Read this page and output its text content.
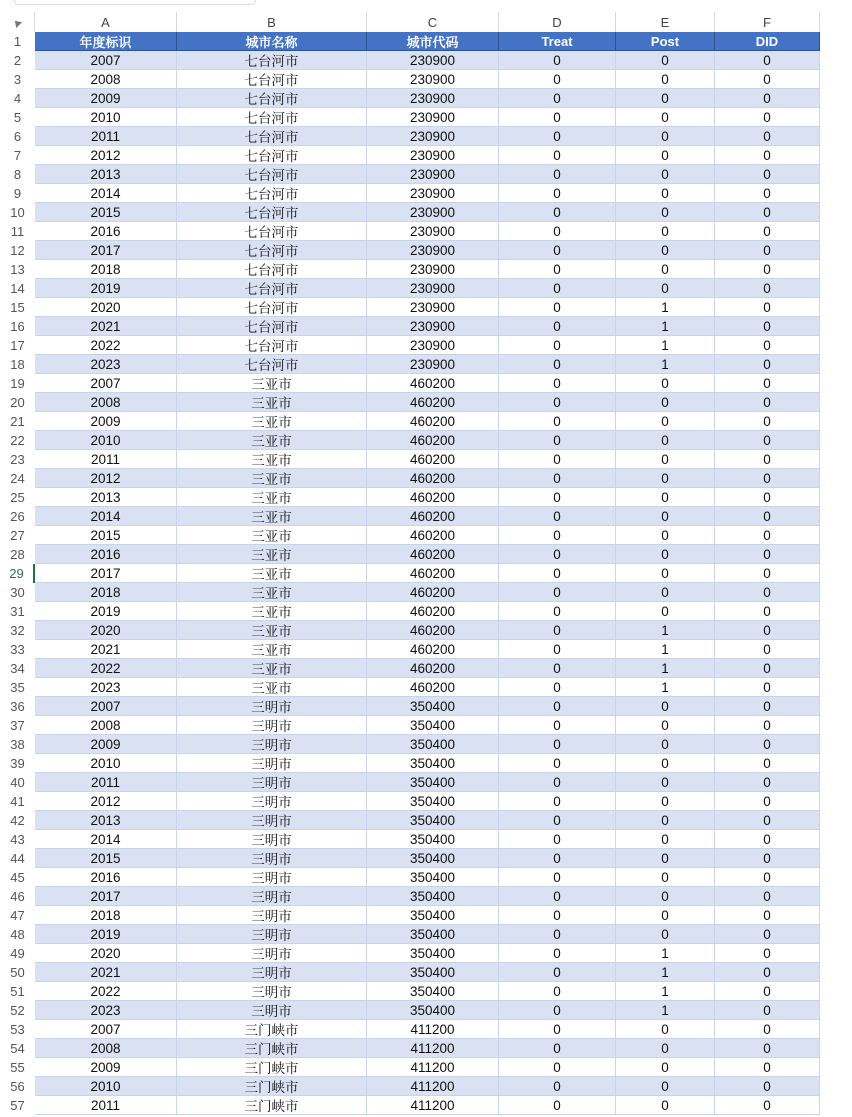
A	B	C	D	E	F
1	年度标识	城市名称	城市代码	Treat	Post	DID
2	2007	七台河市	230900	0	0	0
3	2008	七台河市	230900	0	0	0
4	2009	七台河市	230900	0	0	0
5	2010	七台河市	230900	0	0	0
6	2011	七台河市	230900	0	0	0
7	2012	七台河市	230900	0	0	0
8	2013	七台河市	230900	0	0	0
9	2014	七台河市	230900	0	0	0
10	2015	七台河市	230900	0	0	0
11	2016	七台河市	230900	0	0	0
12	2017	七台河市	230900	0	0	0
13	2018	七台河市	230900	0	0	0
14	2019	七台河市	230900	0	0	0
15	2020	七台河市	230900	0	1	0
16	2021	七台河市	230900	0	1	0
17	2022	七台河市	230900	0	1	0
18	2023	七台河市	230900	0	1	0
19	2007	三亚市	460200	0	0	0
20	2008	三亚市	460200	0	0	0
21	2009	三亚市	460200	0	0	0
22	2010	三亚市	460200	0	0	0
23	2011	三亚市	460200	0	0	0
24	2012	三亚市	460200	0	0	0
25	2013	三亚市	460200	0	0	0
26	2014	三亚市	460200	0	0	0
27	2015	三亚市	460200	0	0	0
28	2016	三亚市	460200	0	0	0
29	2017	三亚市	460200	0	0	0
30	2018	三亚市	460200	0	0	0
31	2019	三亚市	460200	0	0	0
32	2020	三亚市	460200	0	1	0
33	2021	三亚市	460200	0	1	0
34	2022	三亚市	460200	0	1	0
35	2023	三亚市	460200	0	1	0
36	2007	三明市	350400	0	0	0
37	2008	三明市	350400	0	0	0
38	2009	三明市	350400	0	0	0
39	2010	三明市	350400	0	0	0
40	2011	三明市	350400	0	0	0
41	2012	三明市	350400	0	0	0
42	2013	三明市	350400	0	0	0
43	2014	三明市	350400	0	0	0
44	2015	三明市	350400	0	0	0
45	2016	三明市	350400	0	0	0
46	2017	三明市	350400	0	0	0
47	2018	三明市	350400	0	0	0
48	2019	三明市	350400	0	0	0
49	2020	三明市	350400	0	1	0
50	2021	三明市	350400	0	1	0
51	2022	三明市	350400	0	1	0
52	2023	三明市	350400	0	1	0
53	2007	三门峡市	411200	0	0	0
54	2008	三门峡市	411200	0	0	0
55	2009	三门峡市	411200	0	0	0
56	2010	三门峡市	411200	0	0	0
57	2011	三门峡市	411200	0	0	0
